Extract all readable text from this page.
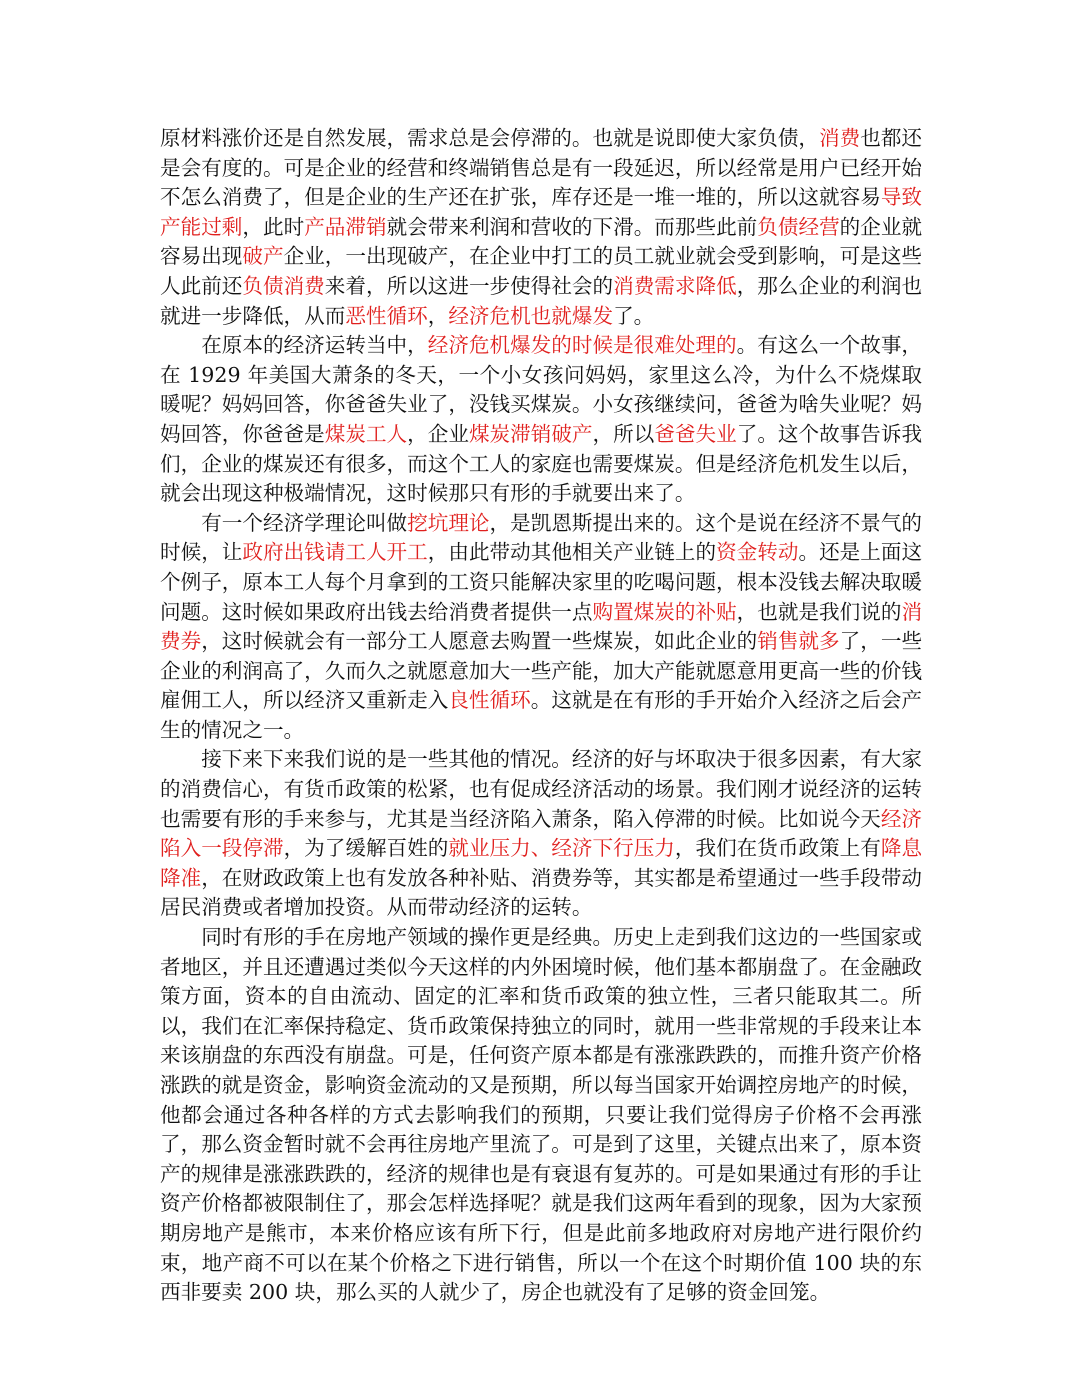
原材料涨价还是自然发展，需求总是会停滞的。也就是说即使大家负债，消费也都还是会有度的。可是企业的经营和终端销售总是有一段延迟，所以经常是用户已经开始不怎么消费了，但是企业的生产还在扩张，库存还是一堆一堆的，所以这就容易导致产能过剩，此时产品滞销就会带来利润和营收的下滑。而那些此前负债经营的企业就容易出现破产企业，一出现破产，在企业中打工的员工就业就会受到影响，可是这些人此前还负债消费来着，所以这进一步使得社会的消费需求降低，那么企业的利润也就进一步降低，从而恶性循环，经济危机也就爆发了。

在原本的经济运转当中，经济危机爆发的时候是很难处理的。有这么一个故事，在 1929 年美国大萧条的冬天，一个小女孩问妈妈，家里这么冷，为什么不烧煤取暖呢？妈妈回答，你爸爸失业了，没钱买煤炭。小女孩继续问，爸爸为啥失业呢？妈妈回答，你爸爸是煤炭工人，企业煤炭滞销破产，所以爸爸失业了。这个故事告诉我们，企业的煤炭还有很多，而这个工人的家庭也需要煤炭。但是经济危机发生以后，就会出现这种极端情况，这时候那只有形的手就要出来了。

有一个经济学理论叫做挖坑理论，是凯恩斯提出来的。这个是说在经济不景气的时候，让政府出钱请工人开工，由此带动其他相关产业链上的资金转动。还是上面这个例子，原本工人每个月拿到的工资只能解决家里的吃喝问题，根本没钱去解决取暖问题。这时候如果政府出钱去给消费者提供一点购置煤炭的补贴，也就是我们说的消费券，这时候就会有一部分工人愿意去购置一些煤炭，如此企业的销售就多了，一些企业的利润高了，久而久之就愿意加大一些产能，加大产能就愿意用更高一些的价钱雇佣工人，所以经济又重新走入良性循环。这就是在有形的手开始介入经济之后会产生的情况之一。

接下来下来我们说的是一些其他的情况。经济的好与坏取决于很多因素，有大家的消费信心，有货币政策的松紧，也有促成经济活动的场景。我们刚才说经济的运转也需要有形的手来参与，尤其是当经济陷入萧条，陷入停滞的时候。比如说今天经济陷入一段停滞，为了缓解百姓的就业压力、经济下行压力，我们在货币政策上有降息降准，在财政政策上也有发放各种补贴、消费券等，其实都是希望通过一些手段带动居民消费或者增加投资。从而带动经济的运转。

同时有形的手在房地产领域的操作更是经典。历史上走到我们这边的一些国家或者地区，并且还遭遇过类似今天这样的内外困境时候，他们基本都崩盘了。在金融政策方面，资本的自由流动、固定的汇率和货币政策的独立性，三者只能取其二。所以，我们在汇率保持稳定、货币政策保持独立的同时，就用一些非常规的手段来让本来该崩盘的东西没有崩盘。可是，任何资产原本都是有涨涨跌跌的，而推升资产价格涨跌的就是资金，影响资金流动的又是预期，所以每当国家开始调控房地产的时候，他都会通过各种各样的方式去影响我们的预期，只要让我们觉得房子价格不会再涨了，那么资金暂时就不会再往房地产里流了。可是到了这里，关键点出来了，原本资产的规律是涨涨跌跌的，经济的规律也是有衰退有复苏的。可是如果通过有形的手让资产价格都被限制住了，那会怎样选择呢？就是我们这两年看到的现象，因为大家预期房地产是熊市，本来价格应该有所下行，但是此前多地政府对房地产进行限价约束，地产商不可以在某个价格之下进行销售，所以一个在这个时期价值 100 块的东西非要卖 200 块，那么买的人就少了，房企也就没有了足够的资金回笼。
